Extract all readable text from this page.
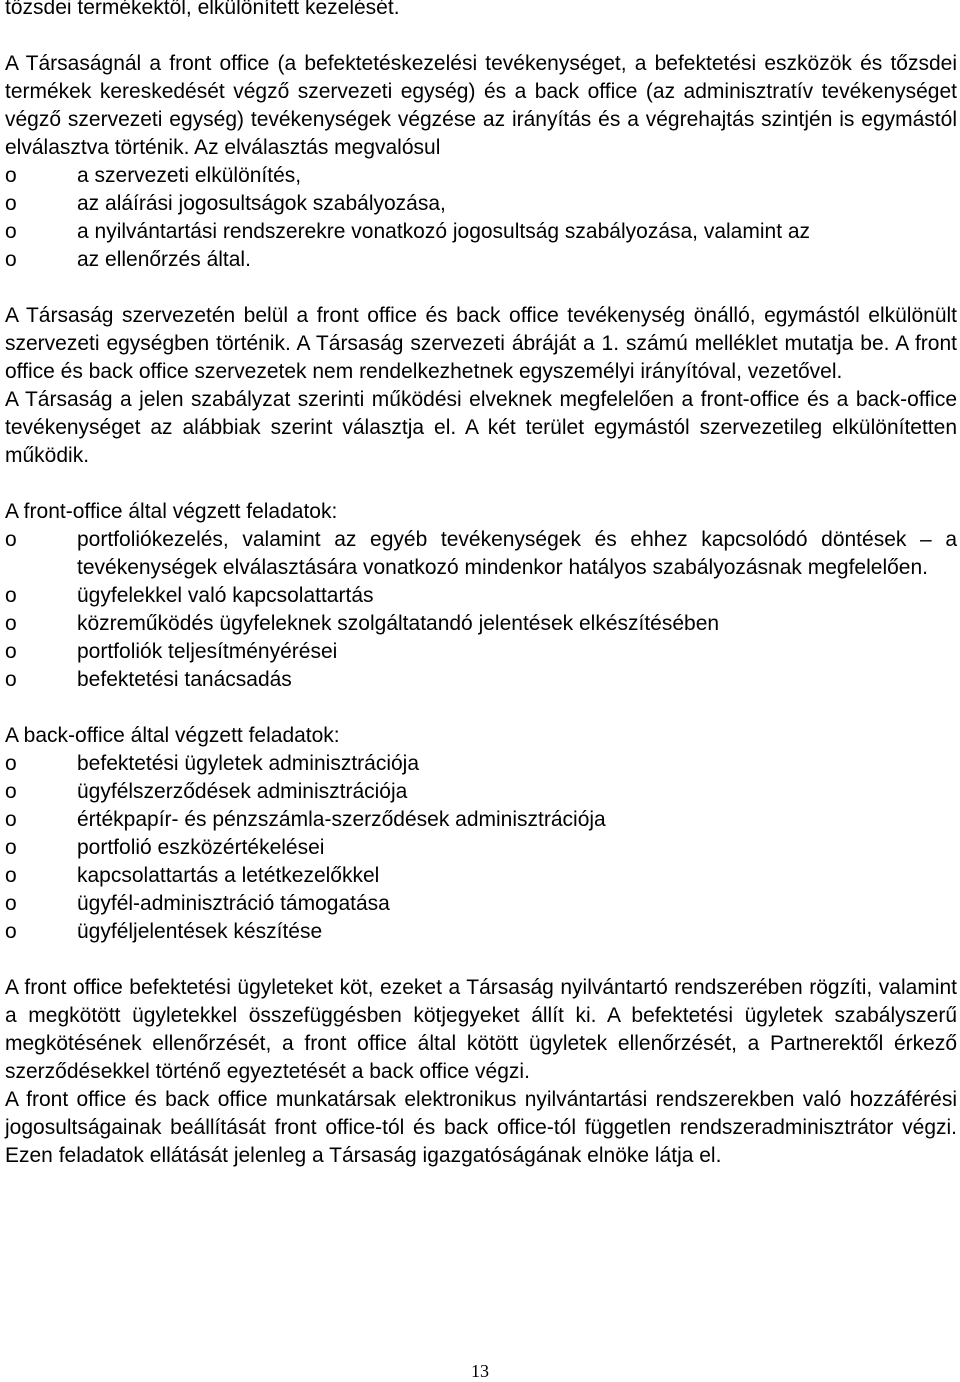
tőzsdei termékektől, elkülönített kezelését.

A Társaságnál a front office (a befektetéskezelési tevékenységet, a befektetési eszközök és tőzsdei termékek kereskedését végző szervezeti egység) és a back office (az adminisztratív tevékenységet végző szervezeti egység) tevékenységek végzése az irányítás és a végrehajtás szintjén is egymástól elválasztva történik. Az elválasztás megvalósul

o	a szervezeti elkülönítés,
o	az aláírási jogosultságok szabályozása,
o	a nyilvántartási rendszerekre vonatkozó jogosultság szabályozása, valamint az
o	az ellenőrzés által.

A Társaság szervezetén belül a front office és back office tevékenység önálló, egymástól elkülönült szervezeti egységben történik. A Társaság szervezeti ábráját a 1. számú melléklet mutatja be. A front office és back office szervezetek nem rendelkezhetnek egyszemélyi irányítóval, vezetővel.

A Társaság a jelen szabályzat szerinti működési elveknek megfelelően a front-office és a back-office tevékenységet az alábbiak szerint választja el. A két terület egymástól szervezetileg elkülönítetten működik.

A front-office által végzett feladatok:

o	portfoliókezelés, valamint az egyéb tevékenységek és ehhez kapcsolódó döntések – a tevékenységek elválasztására vonatkozó mindenkor hatályos szabályozásnak megfelelően.
o	ügyfelekkel való kapcsolattartás
o	közreműködés ügyfeleknek szolgáltatandó jelentések elkészítésében
o	portfoliók teljesítményérései
o	befektetési tanácsadás

A back-office által végzett feladatok:

o	befektetési ügyletek adminisztrációja
o	ügyfélszerződések adminisztrációja
o	értékpapír- és pénzszámla-szerződések adminisztrációja
o	portfolió eszközértékelései
o	kapcsolattartás a letétkezelőkkel
o	ügyfél-adminisztráció támogatása
o	ügyféljelentések készítése

A front office befektetési ügyleteket köt, ezeket a Társaság nyilvántartó rendszerében rögzíti, valamint a megkötött ügyletekkel összefüggésben kötjegyeket állít ki. A befektetési ügyletek szabályszerű megkötésének ellenőrzését, a front office által kötött ügyletek ellenőrzését, a Partnerektől érkező szerződésekkel történő egyeztetését a back office végzi.

A front office és back office munkatársak elektronikus nyilvántartási rendszerekben való hozzáférési jogosultságainak beállítását front office-tól és back office-tól független rendszeradminisztrátor végzi. Ezen feladatok ellátását jelenleg a Társaság igazgatóságának elnöke látja el.

13
